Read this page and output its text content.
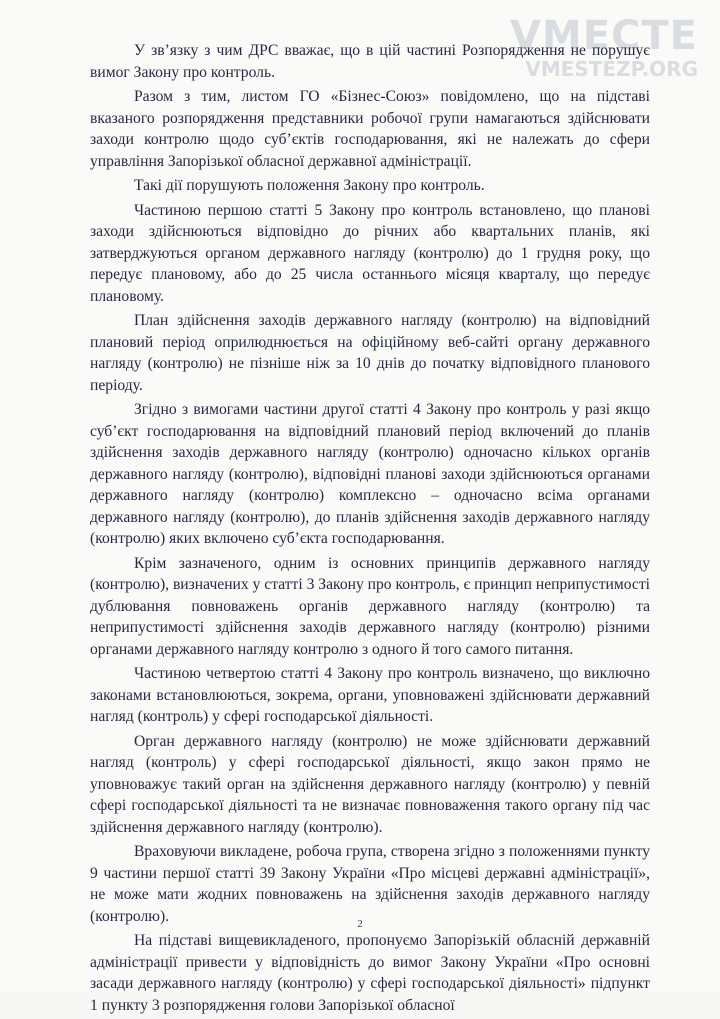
VМЕСТЕ
VMESTEZP.ORG

У зв’язку з чим ДРС вважає, що в цій частині Розпорядження не порушує вимог Закону про контроль.

Разом з тим, листом ГО «Бізнес-Союз» повідомлено, що на підставі вказаного розпорядження представники робочої групи намагаються здійснювати заходи контролю щодо суб’єктів господарювання, які не належать до сфери управління Запорізької обласної державної адміністрації.

Такі дії порушують положення Закону про контроль.

Частиною першою статті 5 Закону про контроль встановлено, що планові заходи здійснюються відповідно до річних або квартальних планів, які затверджуються органом державного нагляду (контролю) до 1 грудня року, що передує плановому, або до 25 числа останнього місяця кварталу, що передує плановому.

План здійснення заходів державного нагляду (контролю) на відповідний плановий період оприлюднюється на офіційному веб-сайті органу державного нагляду (контролю) не пізніше ніж за 10 днів до початку відповідного планового періоду.

Згідно з вимогами частини другої статті 4 Закону про контроль у разі якщо суб’єкт господарювання на відповідний плановий період включений до планів здійснення заходів державного нагляду (контролю) одночасно кількох органів державного нагляду (контролю), відповідні планові заходи здійснюються органами державного нагляду (контролю) комплексно – одночасно всіма органами державного нагляду (контролю), до планів здійснення заходів державного нагляду (контролю) яких включено суб’єкта господарювання.

Крім зазначеного, одним із основних принципів державного нагляду (контролю), визначених у статті 3 Закону про контроль, є принцип неприпустимості дублювання повноважень органів державного нагляду (контролю) та неприпустимості здійснення заходів державного нагляду (контролю) різними органами державного нагляду контролю з одного й того самого питання.

Частиною четвертою статті 4 Закону про контроль визначено, що виключно законами встановлюються, зокрема, органи, уповноважені здійснювати державний нагляд (контроль) у сфері господарської діяльності.

Орган державного нагляду (контролю) не може здійснювати державний нагляд (контроль) у сфері господарської діяльності, якщо закон прямо не уповноважує такий орган на здійснення державного нагляду (контролю) у певній сфері господарської діяльності та не визначає повноваження такого органу під час здійснення державного нагляду (контролю).

Враховуючи викладене, робоча група, створена згідно з положеннями пункту 9 частини першої статті 39 Закону України «Про місцеві державні адміністрації», не може мати жодних повноважень на здійснення заходів державного нагляду (контролю).

На підставі вищевикладеного, пропонуємо Запорізькій обласній державній адміністрації привести у відповідність до вимог Закону України «Про основні засади державного нагляду (контролю) у сфері господарської діяльності» підпункт 1 пункту 3 розпорядження голови Запорізької обласної

2
